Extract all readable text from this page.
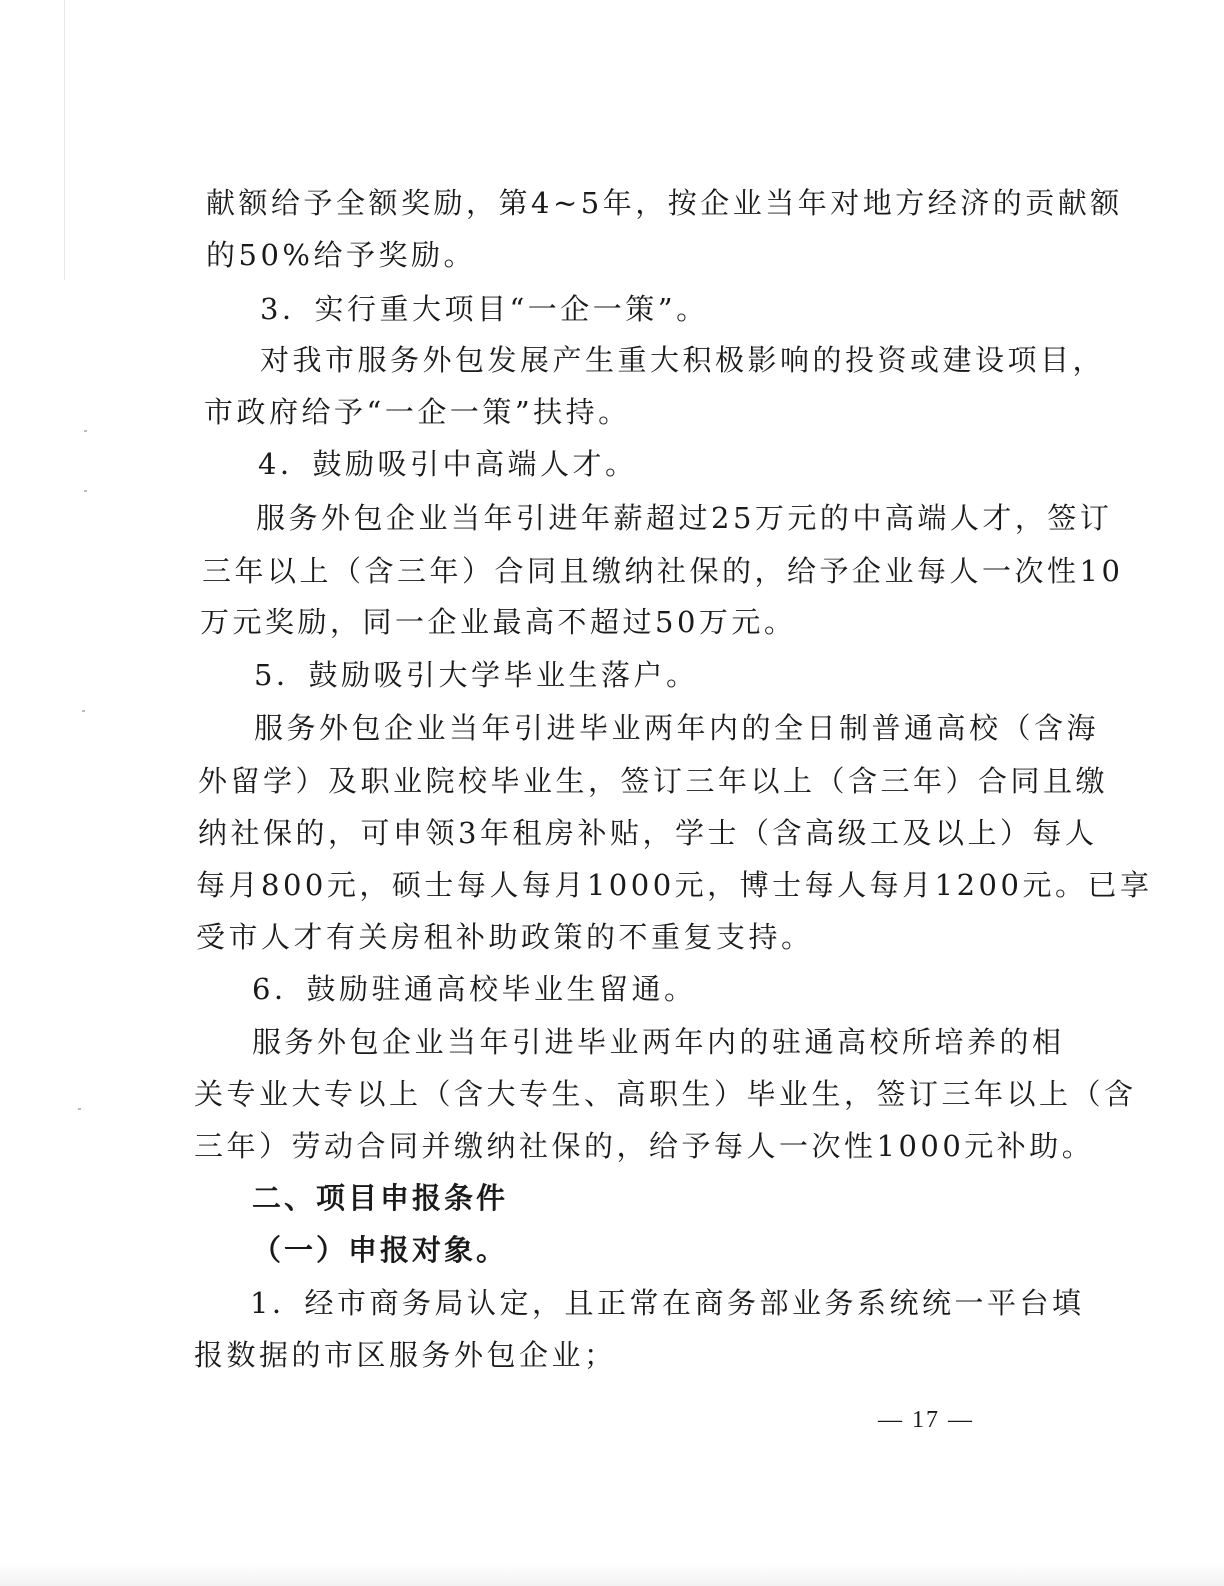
献额给予全额奖励，第4~5年，按企业当年对地方经济的贡献额
的50%给予奖励。
3．实行重大项目“一企一策”。
对我市服务外包发展产生重大积极影响的投资或建设项目，
市政府给予“一企一策”扶持。
4．鼓励吸引中高端人才。
服务外包企业当年引进年薪超过25万元的中高端人才，签订
三年以上（含三年）合同且缴纳社保的，给予企业每人一次性10
万元奖励，同一企业最高不超过50万元。
5．鼓励吸引大学毕业生落户。
服务外包企业当年引进毕业两年内的全日制普通高校（含海
外留学）及职业院校毕业生，签订三年以上（含三年）合同且缴
纳社保的，可申领3年租房补贴，学士（含高级工及以上）每人
每月800元，硕士每人每月1000元，博士每人每月1200元。已享
受市人才有关房租补助政策的不重复支持。
6．鼓励驻通高校毕业生留通。
服务外包企业当年引进毕业两年内的驻通高校所培养的相
关专业大专以上（含大专生、高职生）毕业生，签订三年以上（含
三年）劳动合同并缴纳社保的，给予每人一次性1000元补助。
二、项目申报条件
（一）申报对象。
1．经市商务局认定，且正常在商务部业务系统统一平台填
报数据的市区服务外包企业；
— 17 —
